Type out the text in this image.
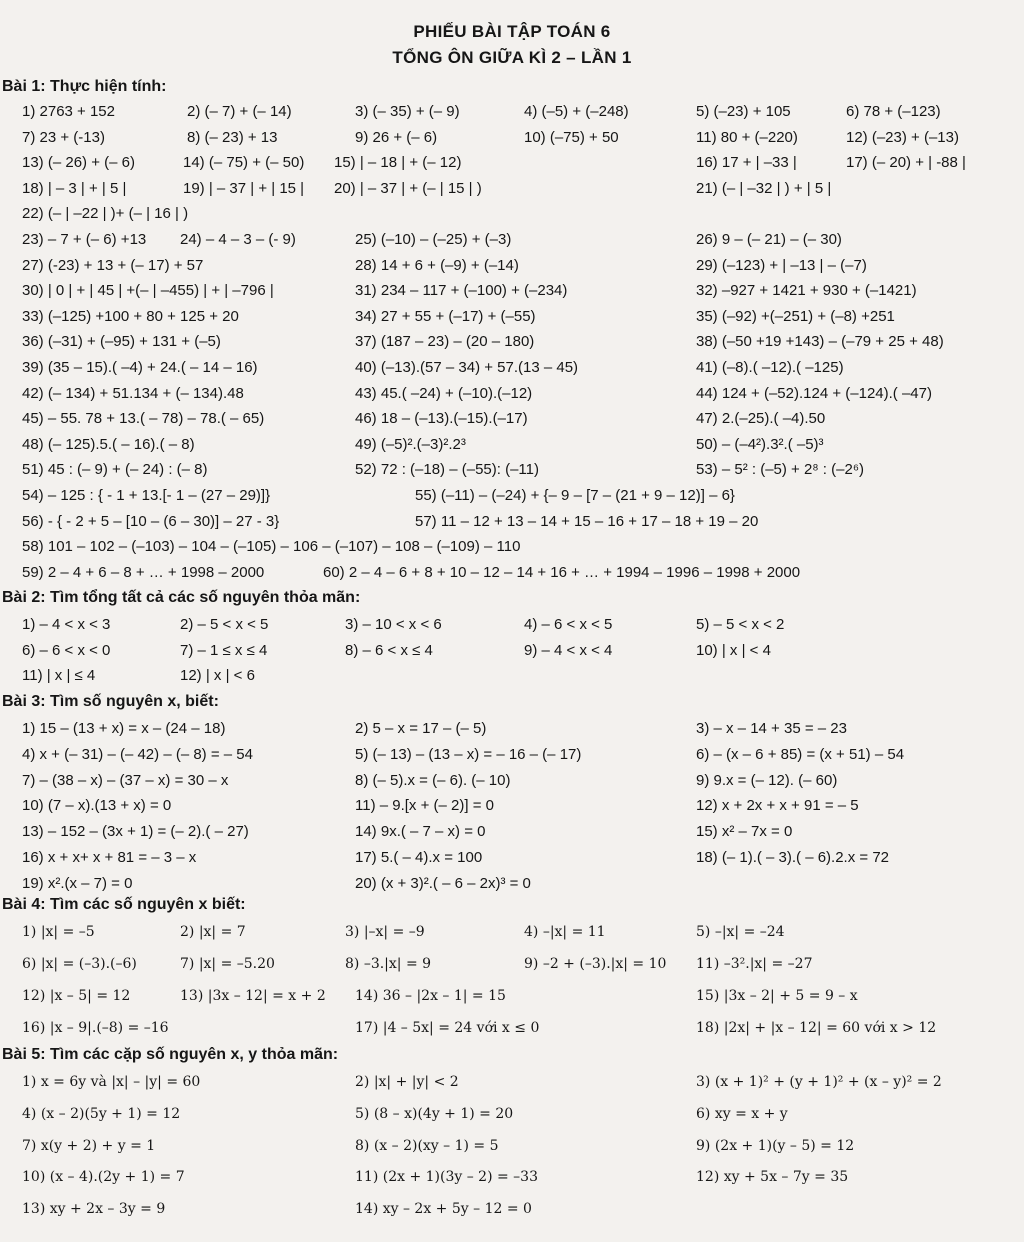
PHIẾU BÀI TẬP TOÁN 6
TỔNG ÔN GIỮA KÌ 2 – LẦN 1
Bài 1: Thực hiện tính:
1) 2763 + 152	2) (– 7) + (– 14)	3) (– 35) + (– 9)	4) (–5) + (–248)	5) (–23) + 105	6) 78 + (–123)
7) 23 + (-13)	8) (– 23) + 13	9) 26 + (– 6)	10) (–75) + 50	11) 80 + (–220)	12) (–23) + (–13)
13) (– 26) + (– 6)	14) (– 75) + (– 50) 15) | – 18 | + (– 12)	16) 17 + | –33 |	17) (– 20) + | -88 |
18) | – 3 | + | 5 |	19) | – 37 | + | 15 | 20) | – 37 | + (– | 15 | )	21) (– | –32 | ) + | 5 |
22) (– | –22 | )+ (– | 16 | )
23) – 7 + (– 6) +13 24) – 4 – 3 – (- 9)	25) (–10) – (–25) + (–3)	26) 9 – (– 21) – (– 30)
27) (-23) + 13 + (– 17) + 57	28) 14 + 6 + (–9) + (–14)	29) (–123) + | –13 | – (–7)
30) | 0 | + | 45 | +(– | –455) | + | –796 |	31) 234 – 117 + (–100) + (–234)	32) –927 + 1421 + 930 + (–1421)
33) (–125) +100 + 80 + 125 + 20	34) 27 + 55 + (–17) + (–55)	35) (–92) +(–251) + (–8) +251
36) (–31) + (–95) + 131 + (–5)	37) (187 – 23) – (20 – 180)	38) (–50 +19 +143) – (–79 + 25 + 48)
39) (35 – 15).( –4) + 24.( – 14 – 16)	40) (–13).(57 – 34) + 57.(13 – 45)	41) (–8).( –12).( –125)
42) (– 134) + 51.134 + (– 134).48	43) 45.( –24) + (–10).(–12)	44) 124 + (–52).124 + (–124).( –47)
45) – 55. 78 + 13.( – 78) – 78.( – 65)	46) 18 – (–13).(–15).(–17)	47) 2.(–25).( –4).50
48) (– 125).5.( – 16).( – 8)	49) (–5)².(–3)².2³	50) – (–4²).3².( –5)³
51) 45 : (– 9) + (– 24) : (– 8)	52) 72 : (–18) – (–55): (–11)	53) – 5² : (–5) + 2⁸ : (–2⁶)
54) – 125 : { - 1 + 13.[- 1 – (27 – 29)]}	55) (–11) – (–24) + {– 9 – [7 – (21 + 9 – 12)] – 6}
56) - { - 2 + 5 – [10 – (6 – 30)] – 27 - 3}	57) 11 – 12 + 13 – 14 + 15 – 16 + 17 – 18 + 19 – 20
58) 101 – 102 – (–103) – 104 – (–105) – 106 – (–107) – 108 – (–109) – 110
59) 2 – 4 + 6 – 8 + … + 1998 – 2000	60) 2 – 4 – 6 + 8 + 10 – 12 – 14 + 16 + … + 1994 – 1996 – 1998 + 2000
Bài 2: Tìm tổng tất cả các số nguyên thỏa mãn:
1) – 4 < x < 3	2) – 5 < x < 5	3) – 10 < x < 6	4) – 6 < x < 5	5) – 5 < x < 2
6) – 6 < x < 0	7) – 1 ≤ x ≤ 4	8) – 6 < x ≤ 4	9) – 4 < x < 4	10) | x | < 4
11) | x | ≤ 4	12) | x | < 6
Bài 3: Tìm số nguyên x, biết:
1) 15 – (13 + x) = x – (24 – 18)	2) 5 – x = 17 – (– 5)	3) – x – 14 + 35 = – 23
4) x + (– 31) – (– 42) – (– 8) = – 54	5) (– 13) – (13 – x) = – 16 – (– 17)	6) – (x – 6 + 85) = (x + 51) – 54
7) – (38 – x) – (37 – x) = 30 – x	8) (– 5).x = (– 6). (– 10)	9) 9.x = (– 12). (– 60)
10) (7 – x).(13 + x) = 0	11) – 9.[x + (– 2)] = 0	12) x + 2x + x + 91 = – 5
13) – 152 – (3x + 1) = (– 2).( – 27)	14) 9x.( – 7 – x) = 0	15) x² – 7x = 0
16) x + x+ x + 81 = – 3 – x	17) 5.( – 4).x = 100	18) (– 1).( – 3).( – 6).2.x = 72
19) x².(x – 7) = 0	20) (x + 3)².( – 6 – 2x)³ = 0
Bài 4: Tìm các số nguyên x biết:
1) |x| = –5	2) |x| = 7	3) |–x| = –9	4) –|x| = 11	5) –|x| = –24
6) |x| = (–3).(–6)	7) |x| = –5.20	8) –3.|x| = 9	9) –2 + (–3).|x| = 10 11) –3².|x| = –27
12) |x – 5| = 12	13) |3x – 12| = x + 2 14) 36 – |2x – 1| = 15	15) |3x – 2| + 5 = 9 – x
16) |x – 9|.(–8) = –16	17) |4 – 5x| = 24 với x ≤ 0	18) |2x| + |x – 12| = 60 với x > 12
Bài 5: Tìm các cặp số nguyên x, y thỏa mãn:
1) x = 6y và |x| – |y| = 60	2) |x| + |y| < 2	3) (x + 1)² + (y + 1)² + (x – y)² = 2
4) (x – 2)(5y + 1) = 12	5) (8 – x)(4y + 1) = 20	6) xy = x + y
7) x(y + 2) + y = 1	8) (x – 2)(xy – 1) = 5	9) (2x + 1)(y – 5) = 12
10) (x – 4).(2y + 1) = 7	11) (2x + 1)(3y – 2) = –33	12) xy + 5x – 7y = 35
13) xy + 2x – 3y = 9	14) xy – 2x + 5y – 12 = 0
